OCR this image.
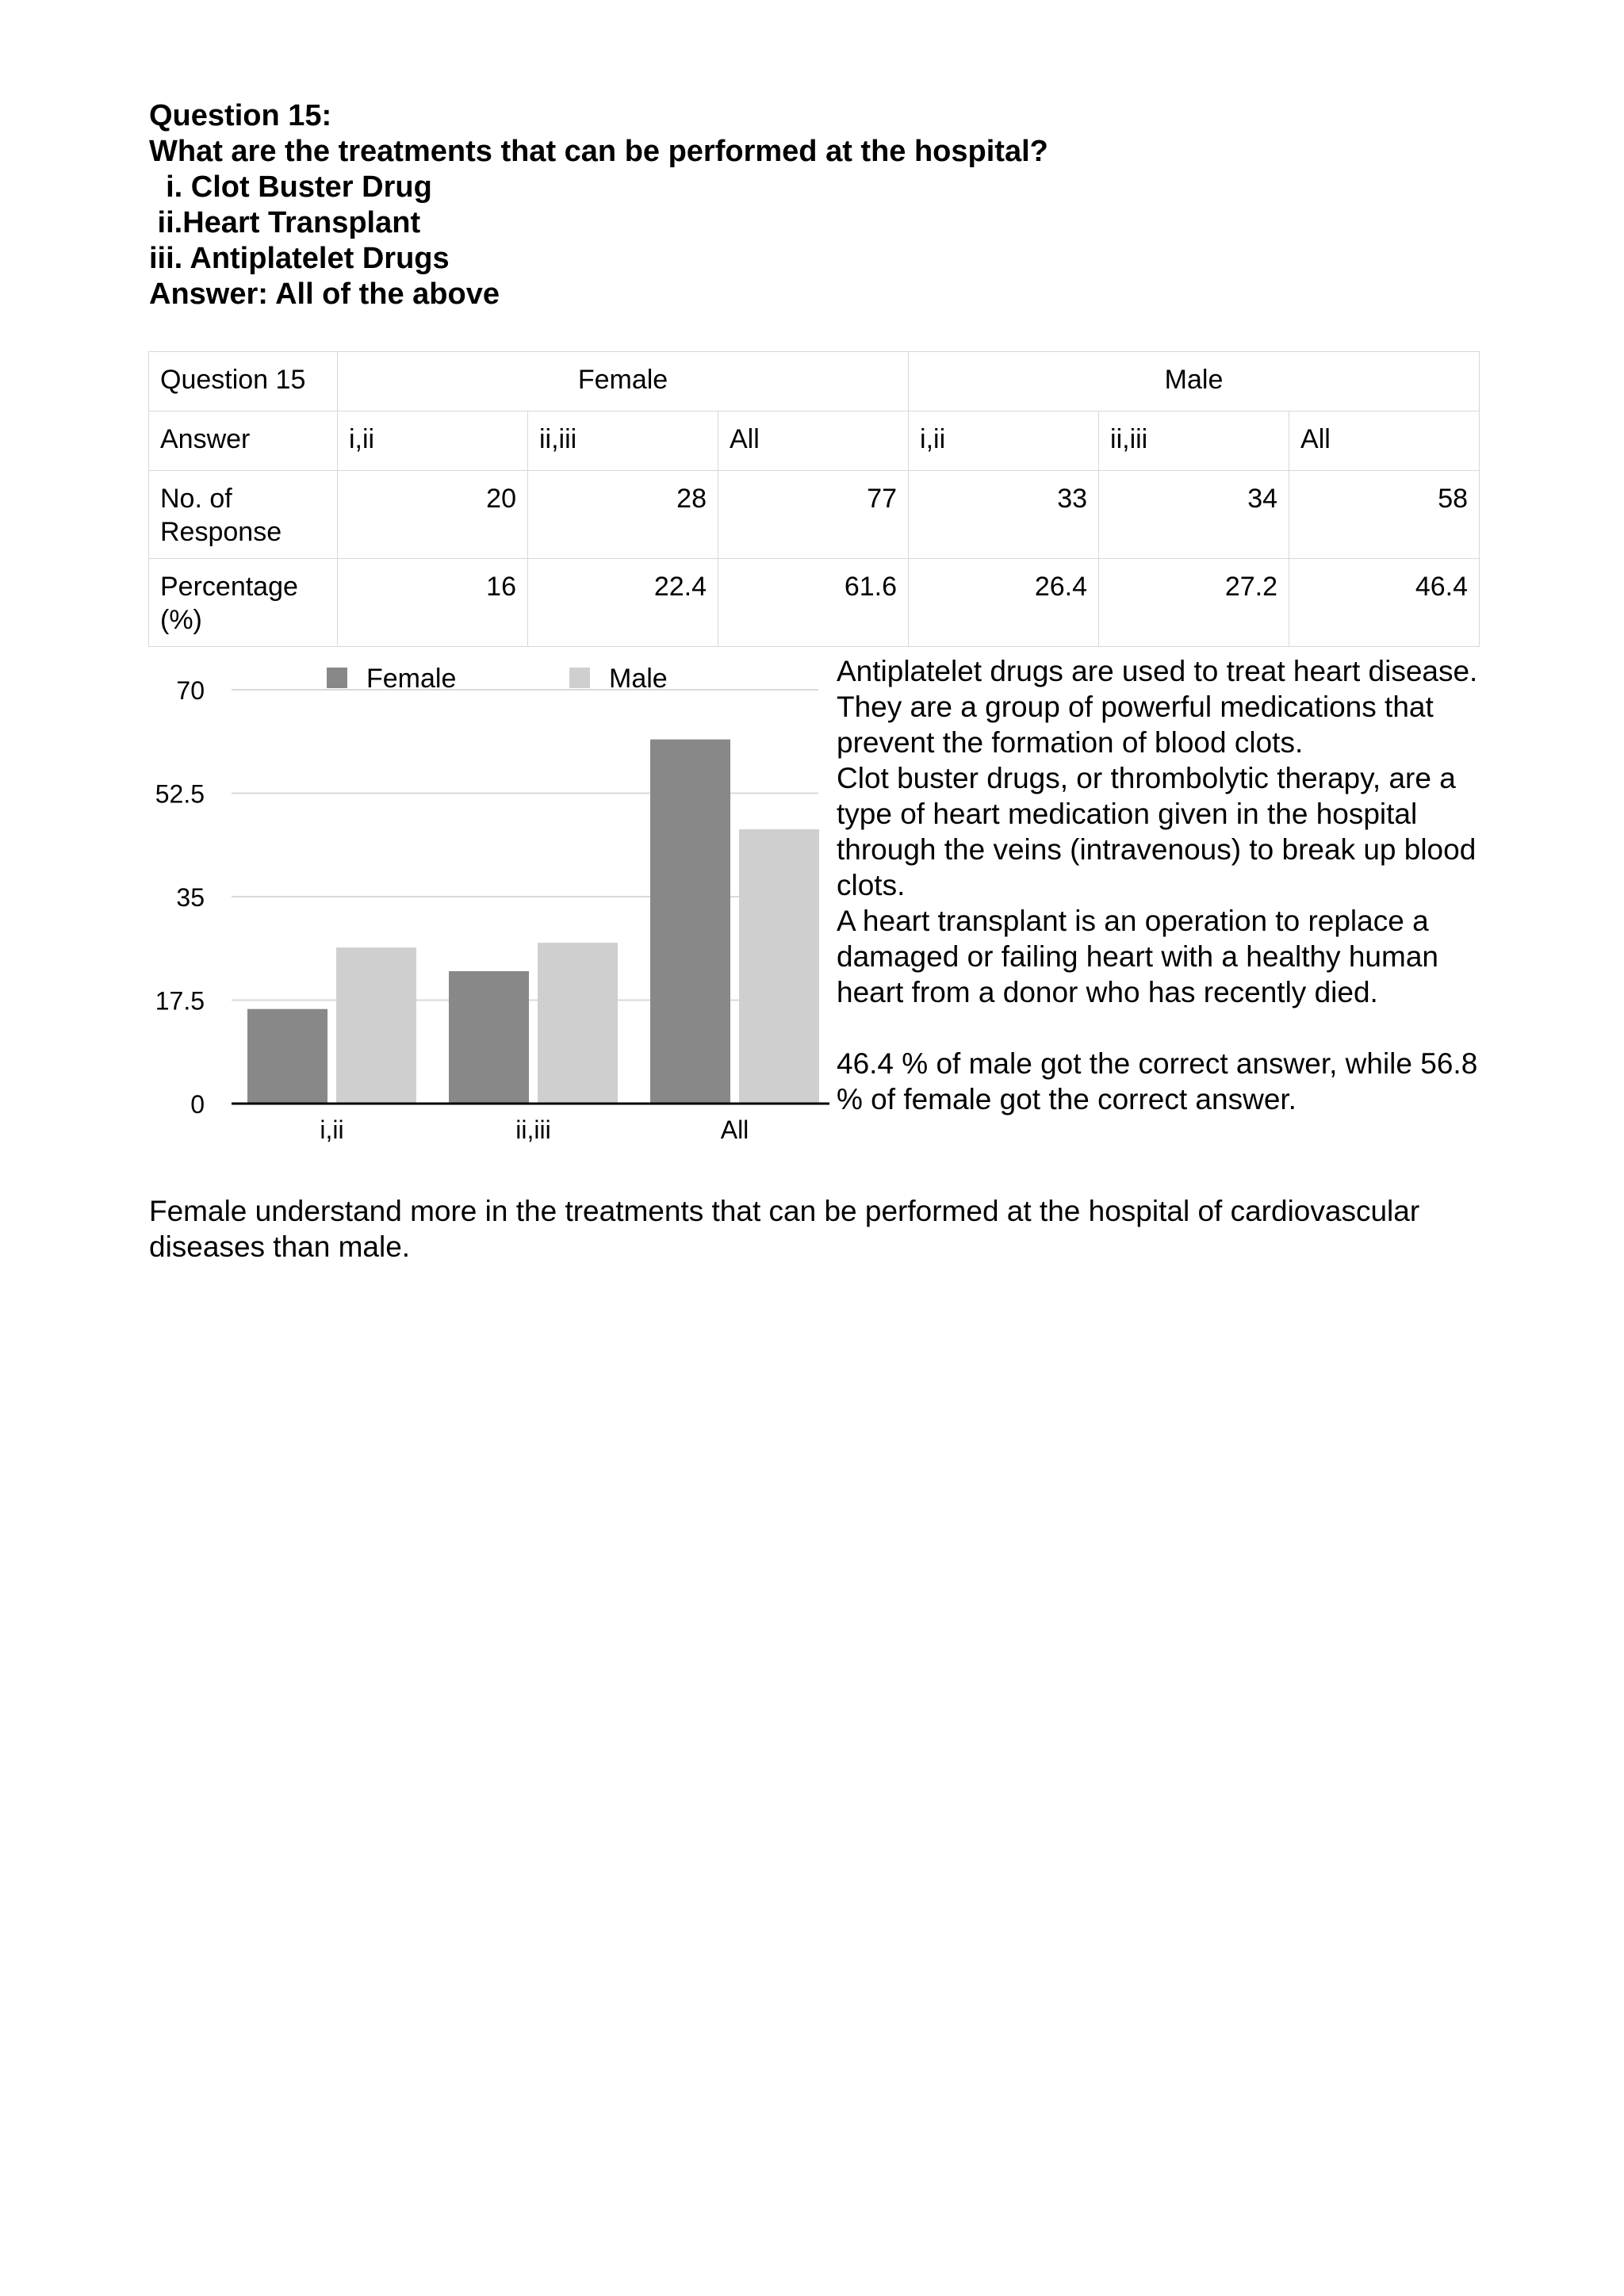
Question 15:
What are the treatments that can be performed at the hospital?
i. Clot Buster Drug
ii.Heart Transplant
iii. Antiplatelet Drugs
Answer: All of the above
Question 15	Female			Male		
Answer	i,ii	ii,iii	All	i,ii	ii,iii	All
No. of Response	20	28	77	33	34	58
Percentage (%)	16	22.4	61.6	26.4	27.2	46.4
0
17.5
35
52.5
70
i,ii	ii,iii	All
Female	Male	Antiplatelet drugs are used to treat heart disease. They are a group of powerful medications that prevent the formation of blood clots.

Clot buster drugs, or thrombolytic therapy, are a type of heart medication given in the hospital through the veins (intravenous) to break up blood clots.

A heart transplant is an operation to replace a damaged or failing heart with a healthy human heart from a donor who has recently died.

46.4 % of male got the correct answer, while 56.8 % of female got the correct answer.

Female understand more in the treatments that can be performed at the hospital of cardiovascular diseases than male.
